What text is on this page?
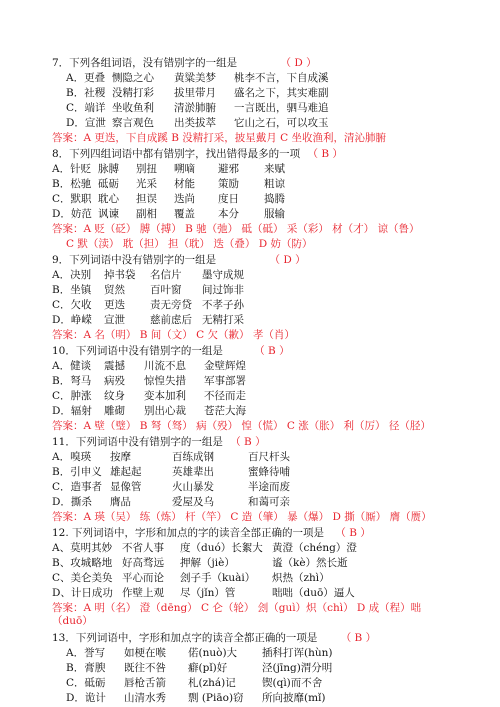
7．下列各组词语，没有错别字的一组是	（ D ）
A．更叠 恻隐之心 黄粱美梦 桃李不言，下自成溪
B．社稷 没精打彩 拔里带月 盛名之下，其实难副
C．端详 坐收鱼利 清淤肺腑 一言既出，驷马难追
D．宣泄 察言观色 出类拔萃 它山之石，可以攻玉
答案：A 更迭，下自成蹊 B 没精打采，披星戴月 C 坐收渔利，清沁肺腑
8．下列四组词语中都有错别字，找出错得最多的一项 （ B ）
A．针贬 脉膊 别扭 嗍嘀 避邪 来赋
B．松驰 砥砺 光采 材能 策励 粗谅
C．默职 耽心 担误 迭尚 度日 捣腾
D．妨范 讽谏 副相 覆盖 本分 服输
答案：A 贬（砭） 膊（搏） B 驰（弛） 砥（砥） 采（彩） 材（才） 谅（鲁）
C 默（渎） 耽（担） 担（耽） 迭（叠） D 妨（防）
9．下列词语中没有错别字的一组是	（ D ）
A．决别 掉书袋 名信片 墨守成规
B．坐镇 贸然 百叶窗 间过饰非
C．欠收 更迭 责无旁贷 不孝子孙
D．峥嵘 宣泄 慈前虑后 无精打采
答案：A 名（明） B 间（文） C 欠（歉） 孝（肖）
10．下列词语中没有错别字的一组是	（ B ）
A．健谈 震撼 川流不息 金壁辉煌
B．弩马 病殁 惊惶失措 军事部署
C．肿涨 纹身 变本加利 不径而走
D．辐射 雕砌 别出心裁 苍茫大海
答案：A 壁（璧） B 弩（驽） 病（殁） 惶（慌） C 涨（胀） 利（厉） 径（胫）
11．下列词语中没有错别字的一组是 （ B ）
A．嗅瑛 按摩	百练成钢	百尺杆头
B．引申义 雄起起	英雄辈出	蜜蜂待哺
C．造事者 显像管	火山暴发	半途而废
D．撕杀 膺品	爱屋及乌	和蔼可亲
答案：A 瑛（吴） 练（炼） 杆（竿） C 造（肇） 暴（爆） D 撕（厮） 膺（赝）
12. 下列词语中，字形和加点的字的读音全部正确的一项是 （ B ）
A、莫明其妙 不省人事 度（duó）长絮大 黄澄（chéng）澄
B、攻城略地 好高骛远 押解（jiè）	谧（kè）然长逝
C、美仑美奂 平心而论 刽子手（kuài） 炽热（zhì）
D、计日成功 作壁上观 尽（jǐn）管	咄咄（duō）逼人
答案：A 明（名） 澄（dēng） C 仑（轮） 刽（guì）炽（chì） D 成（程）咄
（duō）
13．下列词语中，字形和加点字的读音全都正确的一项是 （ B ）
A．誉写 如梗在喉 偌(nuò)大 插科打诨(hùn)
B．膏腴 既往不咎 癖(pǐ)好	泾(jīng)渭分明
C．砥砺 唇枪舌箭 札(zhá)记	锲(qì)而不舍
D．诡计 山清水秀 剽 (Piāo)窃 所向披靡(mǐ)
